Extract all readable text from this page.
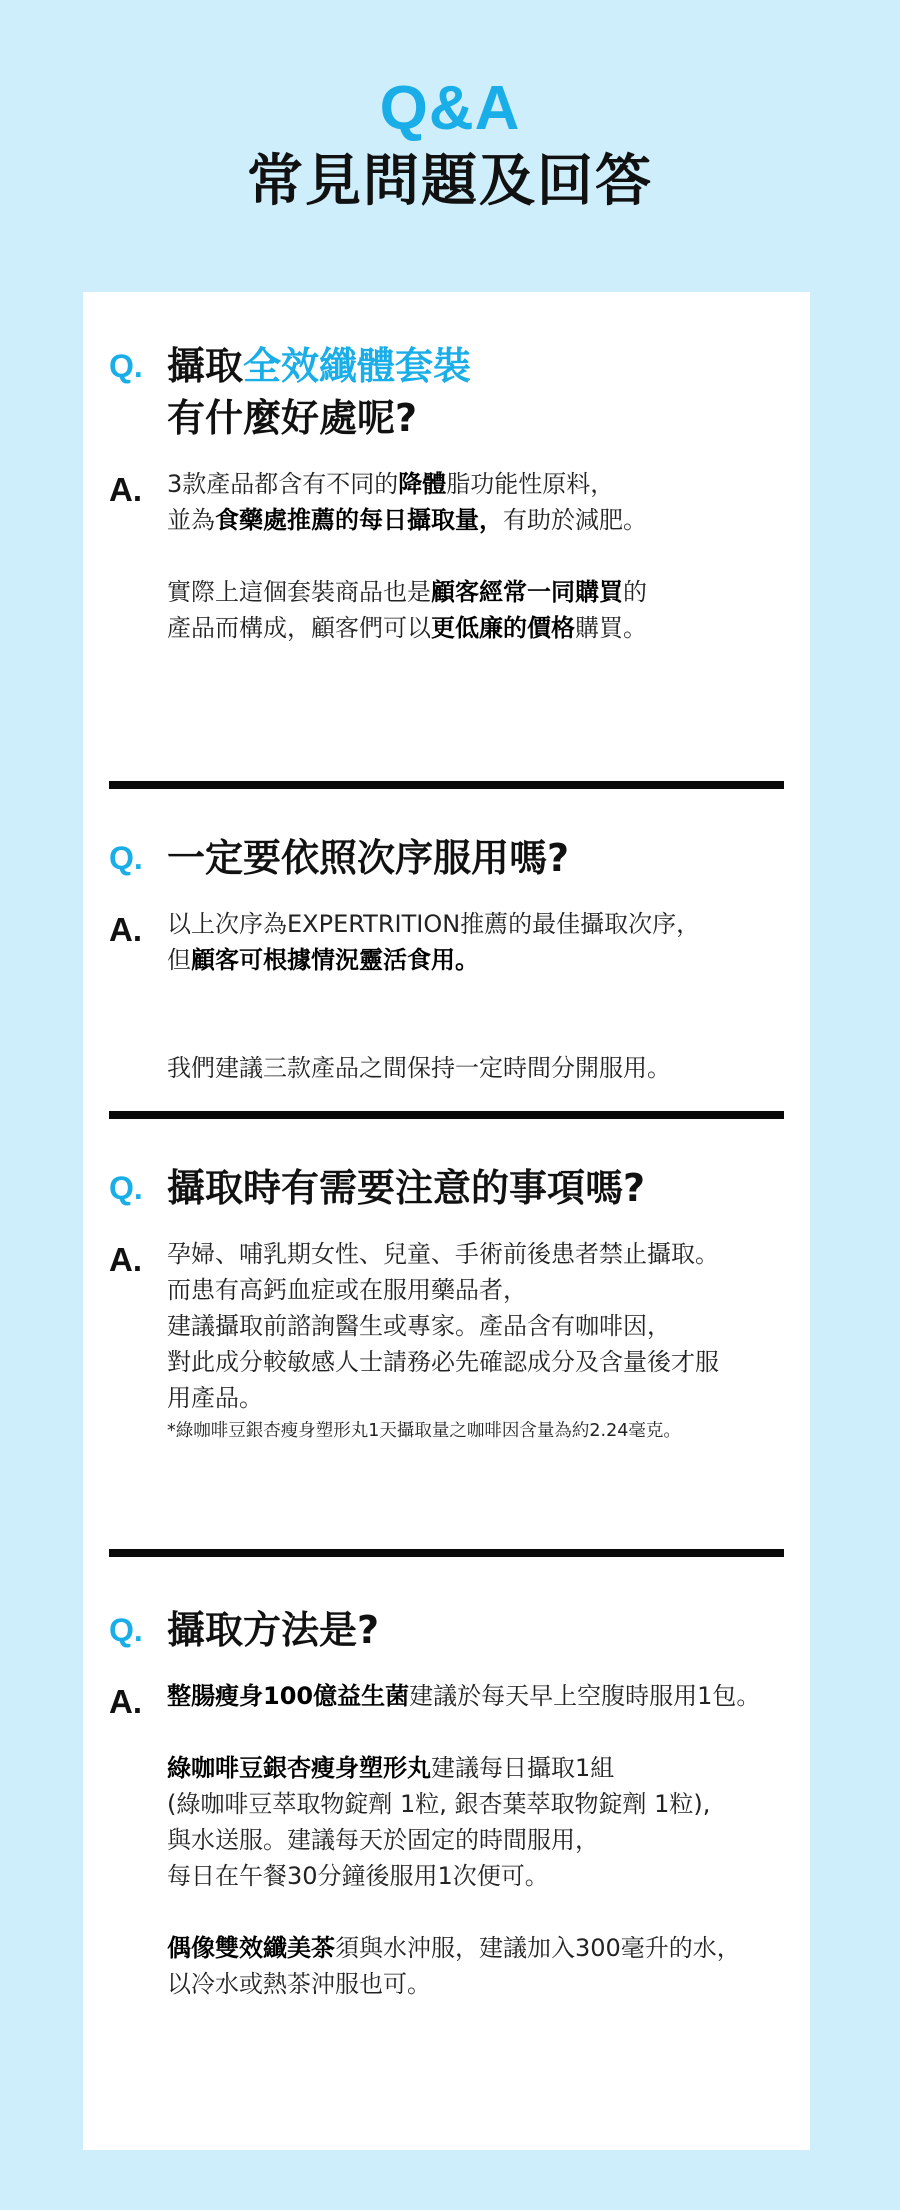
Q&A
常見問題及回答
Q. 攝取全效纖體套裝
有什麼好處呢?
A.	3款產品都含有不同的降體脂功能性原料，

並為食藥處推薦的每日攝取量，有助於減肥。

實際上這個套裝商品也是顧客經常一同購買的

產品而構成，顧客們可以更低廉的價格購買。

Q. 一定要依照次序服用嗎?
A.	以上次序為EXPERTRITION推薦的最佳攝取次序，

但顧客可根據情況靈活食用。

我們建議三款產品之間保持一定時間分開服用。

Q. 攝取時有需要注意的事項嗎?
A.	孕婦、哺乳期女性、兒童、手術前後患者禁止攝取。

而患有高鈣血症或在服用藥品者，

建議攝取前諮詢醫生或專家。產品含有咖啡因，

對此成分較敏感人士請務必先確認成分及含量後才服

用產品。

*綠咖啡豆銀杏瘦身塑形丸1天攝取量之咖啡因含量為約2.24毫克。

Q. 攝取方法是?
A.	整腸瘦身100億益生菌建議於每天早上空腹時服用1包。

綠咖啡豆銀杏瘦身塑形丸建議每日攝取1組

(綠咖啡豆萃取物錠劑 1粒, 銀杏葉萃取物錠劑 1粒),

與水送服。建議每天於固定的時間服用，

每日在午餐30分鐘後服用1次便可。

偶像雙效纖美茶須與水沖服，建議加入300毫升的水，

以冷水或熱茶沖服也可。
